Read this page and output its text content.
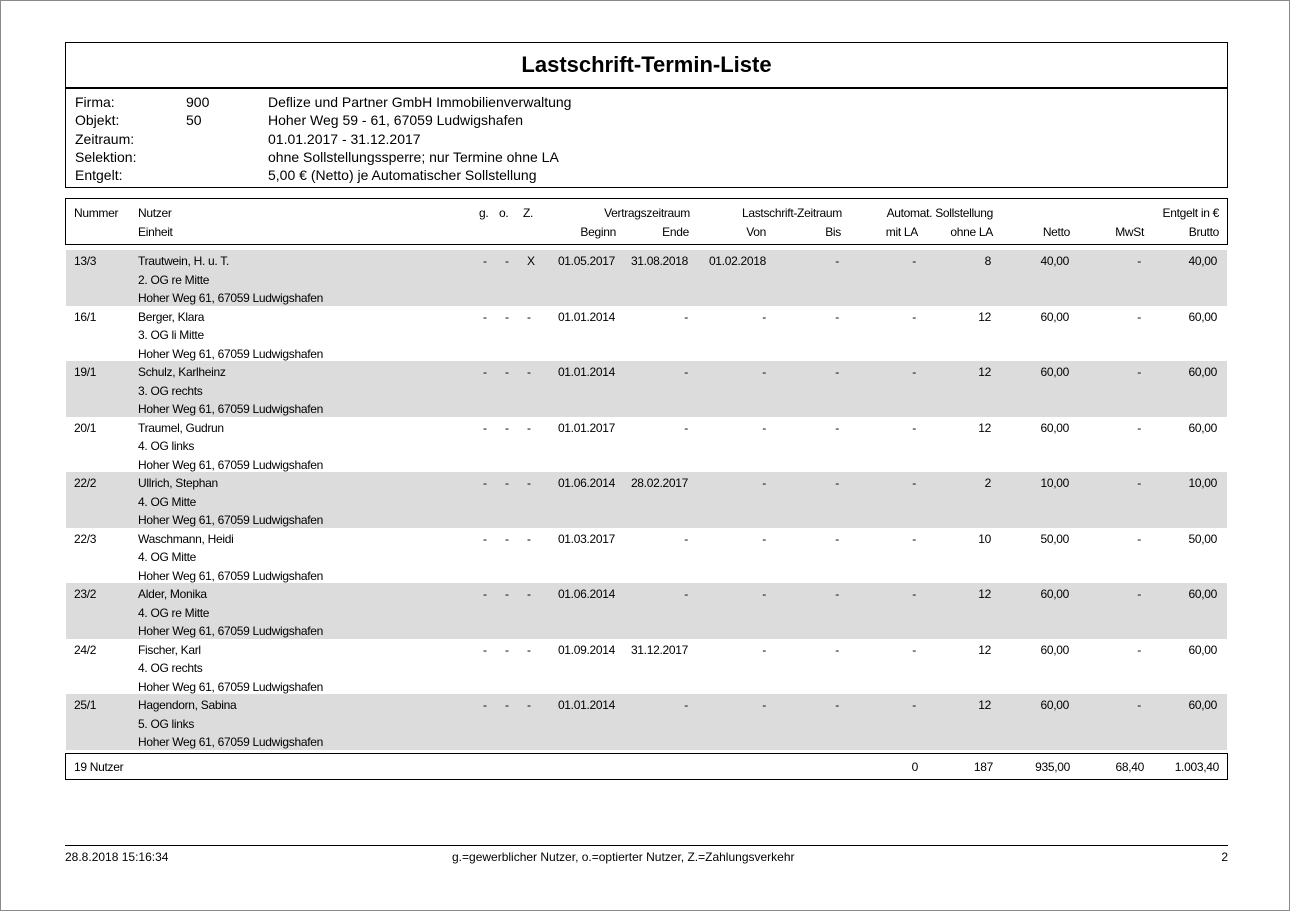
Lastschrift-Termin-Liste
Firma:	900	Deflize und Partner GmbH Immobilienverwaltung
Objekt:	50	Hoher Weg 59 - 61, 67059 Ludwigshafen
Zeitraum:	01.01.2017 - 31.12.2017
Selektion:	ohne Sollstellungssperre; nur Termine ohne LA
Entgelt:	5,00 € (Netto) je Automatischer Sollstellung
Nummer Nutzer
Einheit
g. o. Z.	Vertragszeitraum
Beginn	Ende
Lastschrift-Zeitraum
Von	Bis
Automat. Sollstellung
mit LA	ohne LA	Netto	MwSt
Entgelt in €
Brutto
13/3	Trautwein, H. u. T.
2. OG re Mitte
Hoher Weg 61, 67059 Ludwigshafen
- - X 01.05.2017 31.08.2018 01.02.2018	-	-	8	40,00	-	40,00
16/1	Berger, Klara
3. OG li Mitte
Hoher Weg 61, 67059 Ludwigshafen
- - - 01.01.2014	-	-	-	-	12	60,00	-	60,00
19/1	Schulz, Karlheinz
3. OG rechts
Hoher Weg 61, 67059 Ludwigshafen
- - - 01.01.2014	-	-	-	-	12	60,00	-	60,00
20/1	Traumel, Gudrun
4. OG links
Hoher Weg 61, 67059 Ludwigshafen
- - - 01.01.2017	-	-	-	-	12	60,00	-	60,00
22/2	Ullrich, Stephan
4. OG Mitte
Hoher Weg 61, 67059 Ludwigshafen
- - - 01.06.2014 28.02.2017	-	-	-	2	10,00	-	10,00
22/3	Waschmann, Heidi
4. OG Mitte
Hoher Weg 61, 67059 Ludwigshafen
- - - 01.03.2017	-	-	-	-	10	50,00	-	50,00
23/2	Alder, Monika
4. OG re Mitte
Hoher Weg 61, 67059 Ludwigshafen
- - - 01.06.2014	-	-	-	-	12	60,00	-	60,00
24/2	Fischer, Karl
4. OG rechts
Hoher Weg 61, 67059 Ludwigshafen
- - - 01.09.2014 31.12.2017	-	-	-	12	60,00	-	60,00
25/1	Hagendorn, Sabina
5. OG links
Hoher Weg 61, 67059 Ludwigshafen
- - - 01.01.2014	-	-	-	-	12	60,00	-	60,00
19 Nutzer	0	187	935,00	68,40	1.003,40
28.8.2018 15:16:34	g.=gewerblicher Nutzer, o.=optierter Nutzer, Z.=Zahlungsverkehr	2
